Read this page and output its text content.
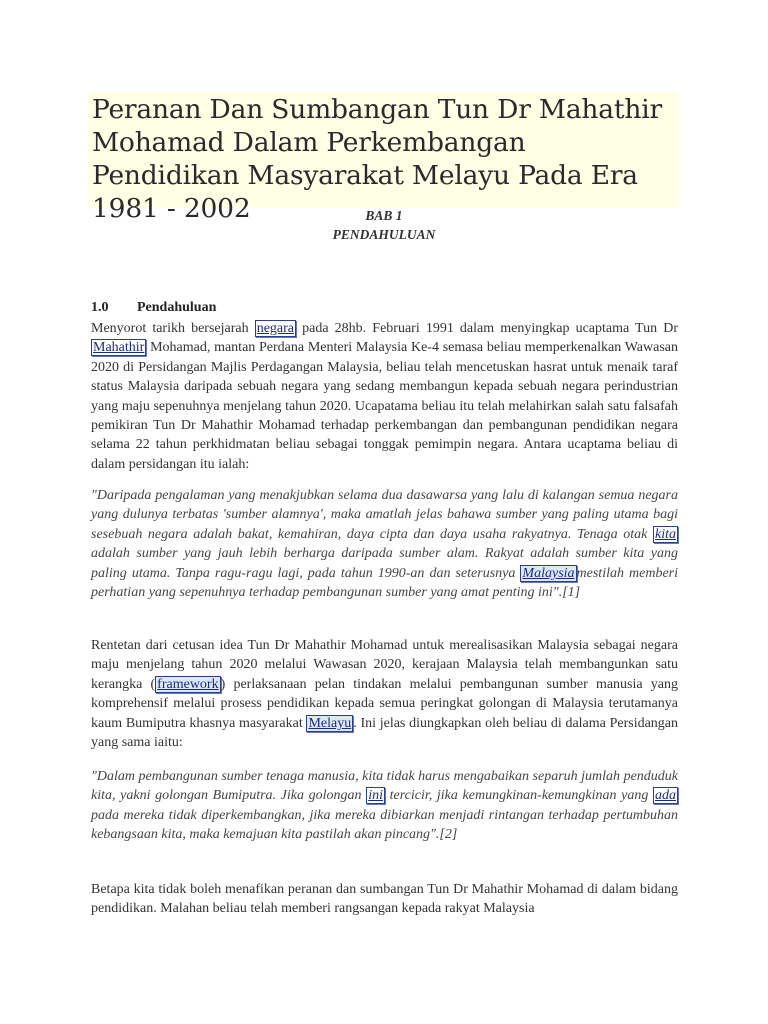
Peranan Dan Sumbangan Tun Dr Mahathir Mohamad Dalam Perkembangan Pendidikan Masyarakat Melayu Pada Era 1981 - 2002	BAB 1
PENDAHULUAN
1.0 Pendahuluan

Menyorot tarikh bersejarah negara pada 28hb. Februari 1991 dalam menyingkap ucaptama Tun Dr Mahathir Mohamad, mantan Perdana Menteri Malaysia Ke-4 semasa beliau memperkenalkan Wawasan 2020 di Persidangan Majlis Perdagangan Malaysia, beliau telah mencetuskan hasrat untuk menaik taraf status Malaysia daripada sebuah negara yang sedang membangun kepada sebuah negara perindustrian yang maju sepenuhnya menjelang tahun 2020. Ucapatama beliau itu telah melahirkan salah satu falsafah pemikiran Tun Dr Mahathir Mohamad terhadap perkembangan dan pembangunan pendidikan negara selama 22 tahun perkhidmatan beliau sebagai tonggak pemimpin negara. Antara ucaptama beliau di dalam persidangan itu ialah:

"Daripada pengalaman yang menakjubkan selama dua dasawarsa yang lalu di kalangan semua negara yang dulunya terbatas 'sumber alamnya', maka amatlah jelas bahawa sumber yang paling utama bagi sesebuah negara adalah bakat, kemahiran, daya cipta dan daya usaha rakyatnya. Tenaga otak kita adalah sumber yang jauh lebih berharga daripada sumber alam. Rakyat adalah sumber kita yang paling utama. Tanpa ragu-ragu lagi, pada tahun 1990-an dan seterusnya Malaysia mestilah memberi perhatian yang sepenuhnya terhadap pembangunan sumber yang amat penting ini".[1]

Rentetan dari cetusan idea Tun Dr Mahathir Mohamad untuk merealisasikan Malaysia sebagai negara maju menjelang tahun 2020 melalui Wawasan 2020, kerajaan Malaysia telah membangunkan satu kerangka ( framework ) perlaksanaan pelan tindakan melalui pembangunan sumber manusia yang komprehensif melalui prosess pendidikan kepada semua peringkat golongan di Malaysia terutamanya kaum Bumiputra khasnya masyarakat Melayu . Ini jelas diungkapkan oleh beliau di dalama Persidangan yang sama iaitu:

"Dalam pembangunan sumber tenaga manusia, kita tidak harus mengabaikan separuh jumlah penduduk kita, yakni golongan Bumiputra. Jika golongan ini tercicir, jika kemungkinan-kemungkinan yang ada pada mereka tidak diperkembangkan, jika mereka dibiarkan menjadi rintangan terhadap pertumbuhan kebangsaan kita, maka kemajuan kita pastilah akan pincang".[2]

Betapa kita tidak boleh menafikan peranan dan sumbangan Tun Dr Mahathir Mohamad di dalam bidang pendidikan. Malahan beliau telah memberi rangsangan kepada rakyat Malaysia
